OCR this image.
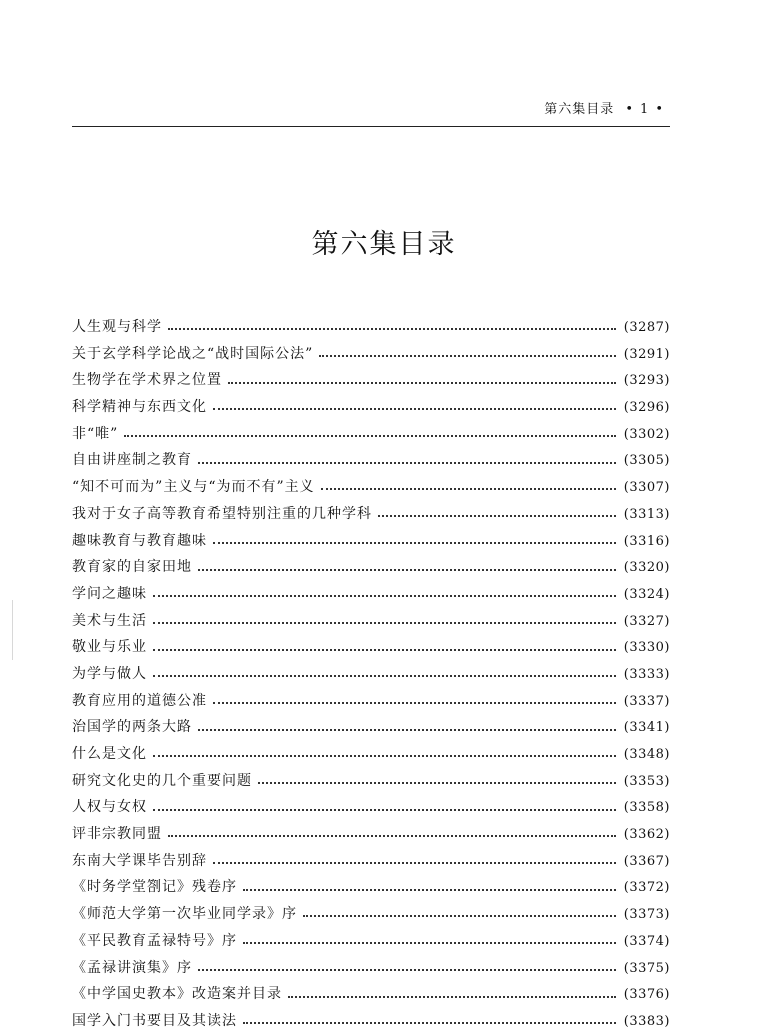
第六集目录 • 1 •
第六集目录
人生观与科学	(3287)
关于玄学科学论战之“战时国际公法”	(3291)
生物学在学术界之位置	(3293)
科学精神与东西文化	(3296)
非“唯”	(3302)
自由讲座制之教育	(3305)
“知不可而为”主义与“为而不有”主义	(3307)
我对于女子高等教育希望特别注重的几种学科	(3313)
趣味教育与教育趣味	(3316)
教育家的自家田地	(3320)
学问之趣味	(3324)
美术与生活	(3327)
敬业与乐业	(3330)
为学与做人	(3333)
教育应用的道德公准	(3337)
治国学的两条大路	(3341)
什么是文化	(3348)
研究文化史的几个重要问题	(3353)
人权与女权	(3358)
评非宗教同盟	(3362)
东南大学课毕告别辞	(3367)
《时务学堂劄记》残卷序	(3372)
《师范大学第一次毕业同学录》序	(3373)
《平民教育孟禄特号》序	(3374)
《孟禄讲演集》序	(3375)
《中学国史教本》改造案并目录	(3376)
国学入门书要目及其读法	(3383)
